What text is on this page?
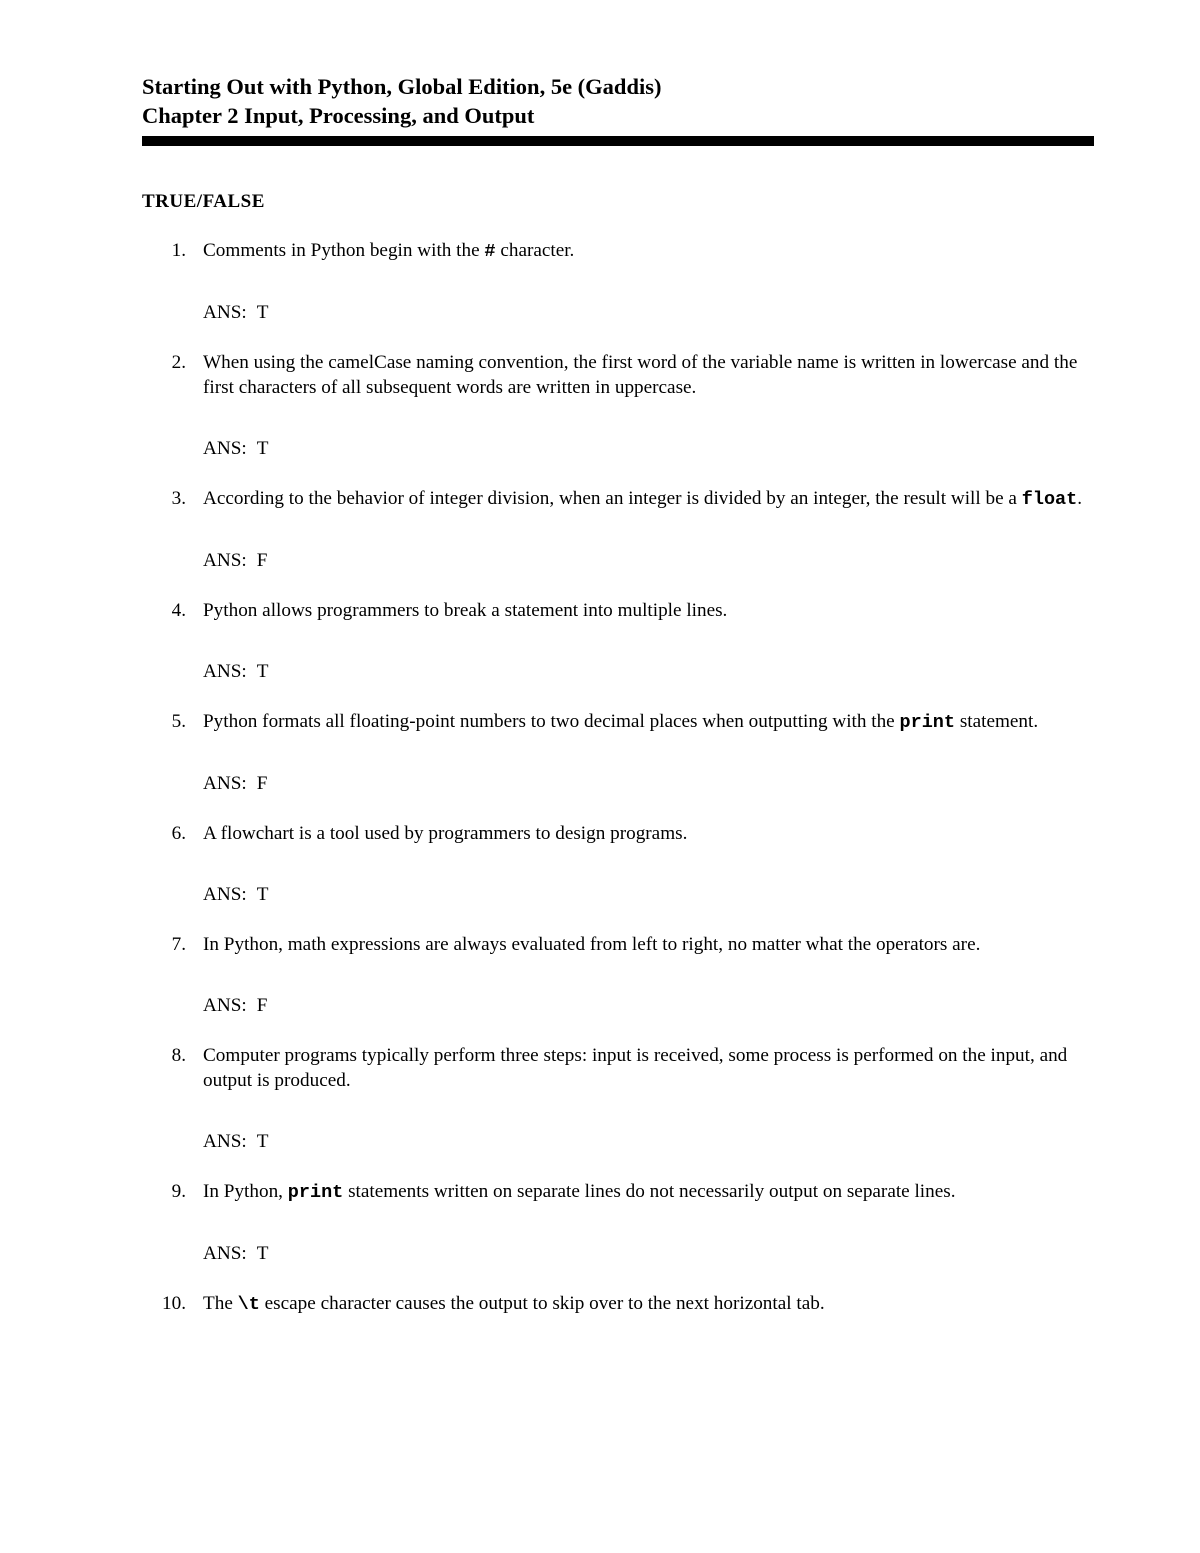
Starting Out with Python, Global Edition, 5e (Gaddis)
Chapter 2 Input, Processing, and Output
TRUE/FALSE
1. Comments in Python begin with the # character.
ANS: T
2. When using the camelCase naming convention, the first word of the variable name is written in lowercase and the first characters of all subsequent words are written in uppercase.
ANS: T
3. According to the behavior of integer division, when an integer is divided by an integer, the result will be a float.
ANS: F
4. Python allows programmers to break a statement into multiple lines.
ANS: T
5. Python formats all floating-point numbers to two decimal places when outputting with the print statement.
ANS: F
6. A flowchart is a tool used by programmers to design programs.
ANS: T
7. In Python, math expressions are always evaluated from left to right, no matter what the operators are.
ANS: F
8. Computer programs typically perform three steps: input is received, some process is performed on the input, and output is produced.
ANS: T
9. In Python, print statements written on separate lines do not necessarily output on separate lines.
ANS: T
10. The \t escape character causes the output to skip over to the next horizontal tab.
